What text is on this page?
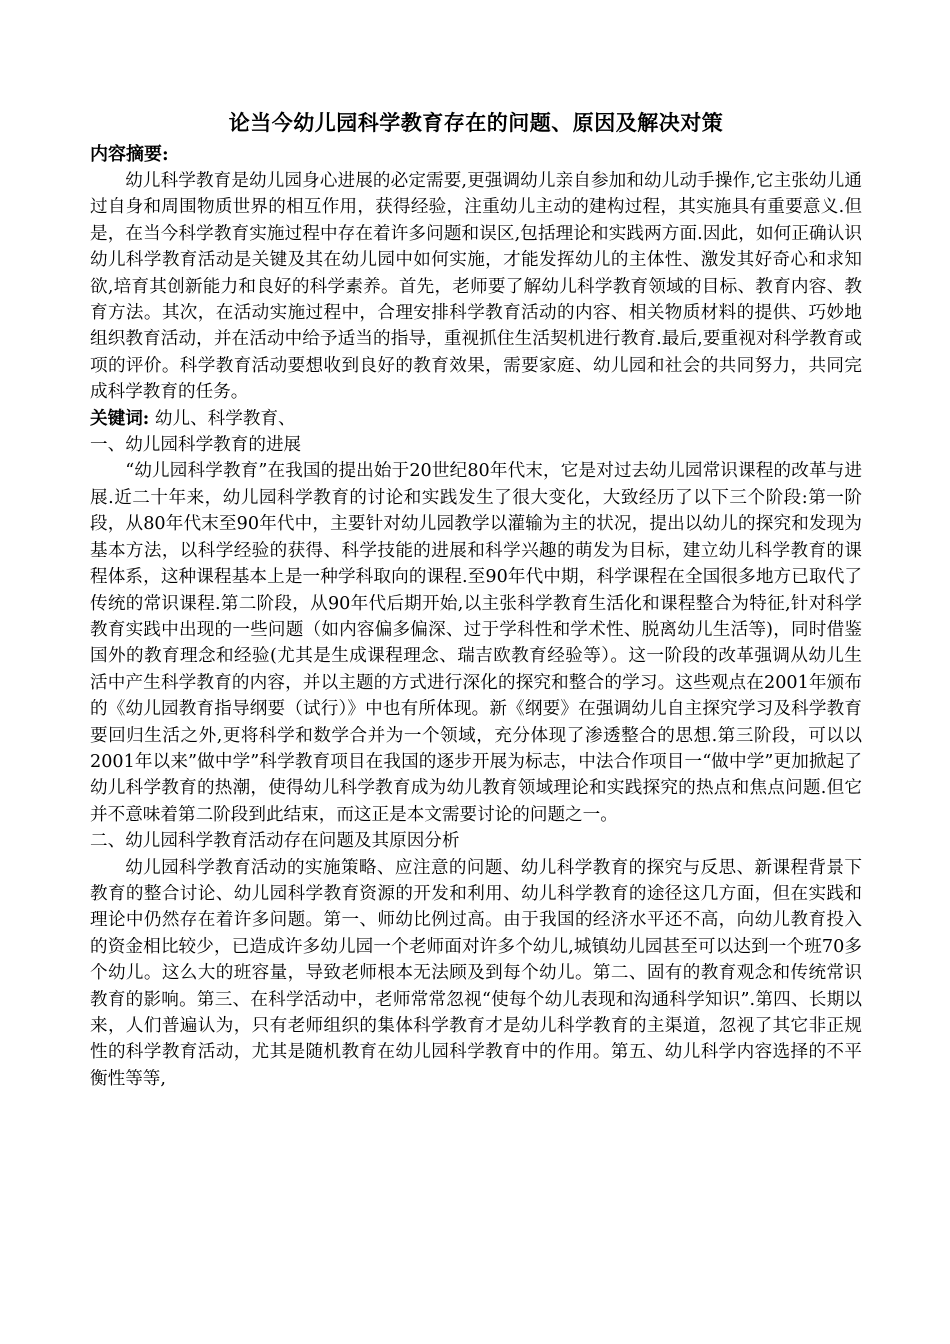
论当今幼儿园科学教育存在的问题、原因及解决对策
内容摘要:

幼儿科学教育是幼儿园身心进展的必定需要,更强调幼儿亲自参加和幼儿动手操作,它主张幼儿通过自身和周围物质世界的相互作用，获得经验，注重幼儿主动的建构过程，其实施具有重要意义.但是，在当今科学教育实施过程中存在着许多问题和误区,包括理论和实践两方面.因此，如何正确认识幼儿科学教育活动是关键及其在幼儿园中如何实施，才能发挥幼儿的主体性、激发其好奇心和求知欲,培育其创新能力和良好的科学素养。首先，老师要了解幼儿科学教育领域的目标、教育内容、教育方法。其次，在活动实施过程中，合理安排科学教育活动的内容、相关物质材料的提供、巧妙地组织教育活动，并在活动中给予适当的指导，重视抓住生活契机进行教育.最后,要重视对科学教育或项的评价。科学教育活动要想收到良好的教育效果，需要家庭、幼儿园和社会的共同努力，共同完成科学教育的任务。

关键词: 幼儿、科学教育、

一、幼儿园科学教育的进展

“幼儿园科学教育”在我国的提出始于20世纪80年代末，它是对过去幼儿园常识课程的改革与进展.近二十年来，幼儿园科学教育的讨论和实践发生了很大变化，大致经历了以下三个阶段:第一阶段，从80年代末至90年代中，主要针对幼儿园教学以灌输为主的状况，提出以幼儿的探究和发现为基本方法，以科学经验的获得、科学技能的进展和科学兴趣的萌发为目标，建立幼儿科学教育的课程体系，这种课程基本上是一种学科取向的课程.至90年代中期，科学课程在全国很多地方已取代了传统的常识课程.第二阶段，从90年代后期开始,以主张科学教育生活化和课程整合为特征,针对科学教育实践中出现的一些问题（如内容偏多偏深、过于学科性和学术性、脱离幼儿生活等)，同时借鉴国外的教育理念和经验(尤其是生成课程理念、瑞吉欧教育经验等）。这一阶段的改革强调从幼儿生活中产生科学教育的内容，并以主题的方式进行深化的探究和整合的学习。这些观点在2001年颁布的《幼儿园教育指导纲要（试行）》中也有所体现。新《纲要》在强调幼儿自主探究学习及科学教育要回归生活之外,更将科学和数学合并为一个领域，充分体现了渗透整合的思想.第三阶段，可以以2001年以来”做中学”科学教育项目在我国的逐步开展为标志，中法合作项目一“做中学”更加掀起了幼儿科学教育的热潮，使得幼儿科学教育成为幼儿教育领域理论和实践探究的热点和焦点问题.但它并不意味着第二阶段到此结束，而这正是本文需要讨论的问题之一。

二、幼儿园科学教育活动存在问题及其原因分析

幼儿园科学教育活动的实施策略、应注意的问题、幼儿科学教育的探究与反思、新课程背景下教育的整合讨论、幼儿园科学教育资源的开发和利用、幼儿科学教育的途径这几方面，但在实践和理论中仍然存在着许多问题。第一、师幼比例过高。由于我国的经济水平还不高，向幼儿教育投入的资金相比较少，已造成许多幼儿园一个老师面对许多个幼儿,城镇幼儿园甚至可以达到一个班70多个幼儿。这么大的班容量，导致老师根本无法顾及到每个幼儿。第二、固有的教育观念和传统常识教育的影响。第三、在科学活动中，老师常常忽视“使每个幼儿表现和沟通科学知识”.第四、长期以来，人们普遍认为，只有老师组织的集体科学教育才是幼儿科学教育的主渠道，忽视了其它非正规性的科学教育活动，尤其是随机教育在幼儿园科学教育中的作用。第五、幼儿科学内容选择的不平衡性等等,
